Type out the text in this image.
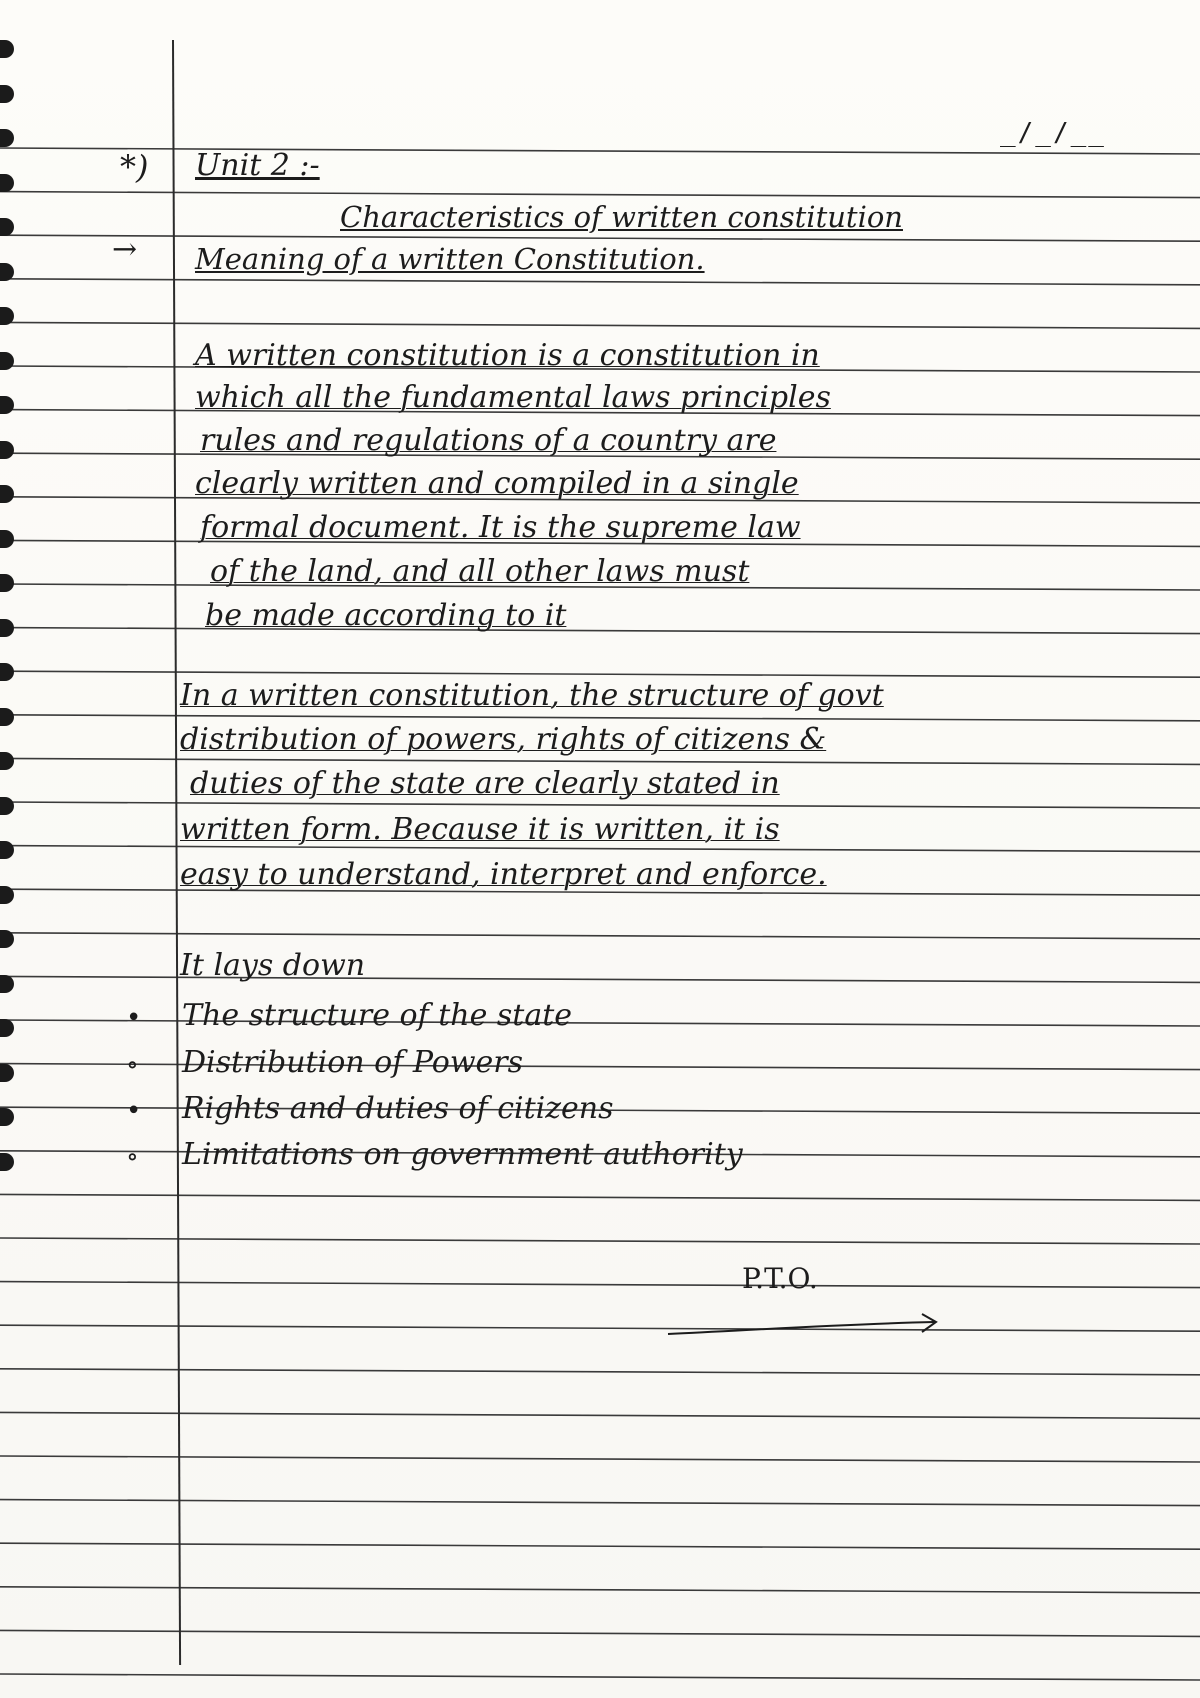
_/_/__
*) Unit 2 :-
Characteristics of written constitution
→ Meaning of a written Constitution.
A written constitution is a constitution in
which all the fundamental laws principles
rules and regulations of a country are
clearly written and compiled in a single
formal document. It is the supreme law
of the land, and all other laws must
be made according to it
In a written constitution, the structure of govt
distribution of powers, rights of citizens &
duties of the state are clearly stated in
written form. Because it is written, it is
easy to understand, interpret and enforce.
It lays down
• The structure of the state
∘ Distribution of Powers
• Rights and duties of citizens
∘ Limitations on government authority
P.T.O.
